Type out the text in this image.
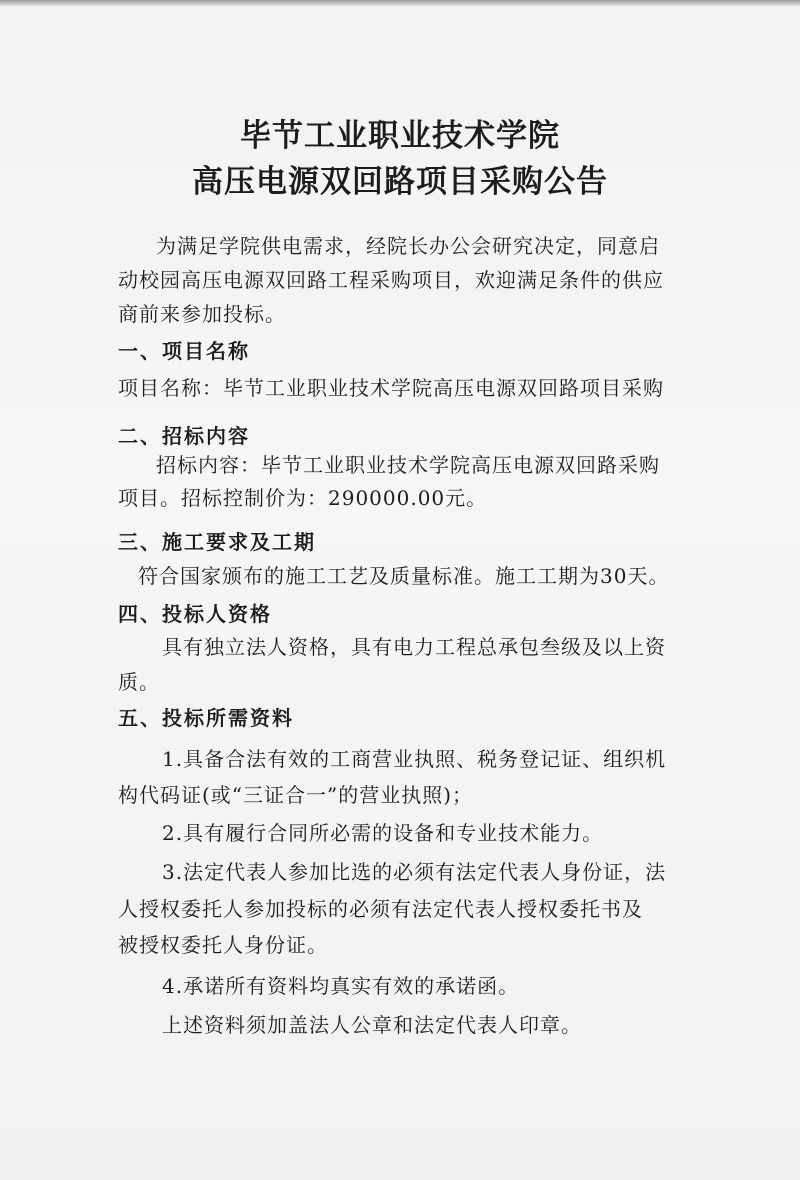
毕节工业职业技术学院
高压电源双回路项目采购公告
为满足学院供电需求，经院长办公会研究决定，同意启
动校园高压电源双回路工程采购项目，欢迎满足条件的供应
商前来参加投标。
一、项目名称
项目名称：毕节工业职业技术学院高压电源双回路项目采购
二、招标内容
招标内容：毕节工业职业技术学院高压电源双回路采购
项目。招标控制价为：290000.00元。
三、施工要求及工期
符合国家颁布的施工工艺及质量标准。施工工期为30天。
四、投标人资格
具有独立法人资格，具有电力工程总承包叁级及以上资
质。
五、投标所需资料
1.具备合法有效的工商营业执照、税务登记证、组织机
构代码证(或“三证合一”的营业执照)；
2.具有履行合同所必需的设备和专业技术能力。
3.法定代表人参加比选的必须有法定代表人身份证，法
人授权委托人参加投标的必须有法定代表人授权委托书及
被授权委托人身份证。
4.承诺所有资料均真实有效的承诺函。
上述资料须加盖法人公章和法定代表人印章。
